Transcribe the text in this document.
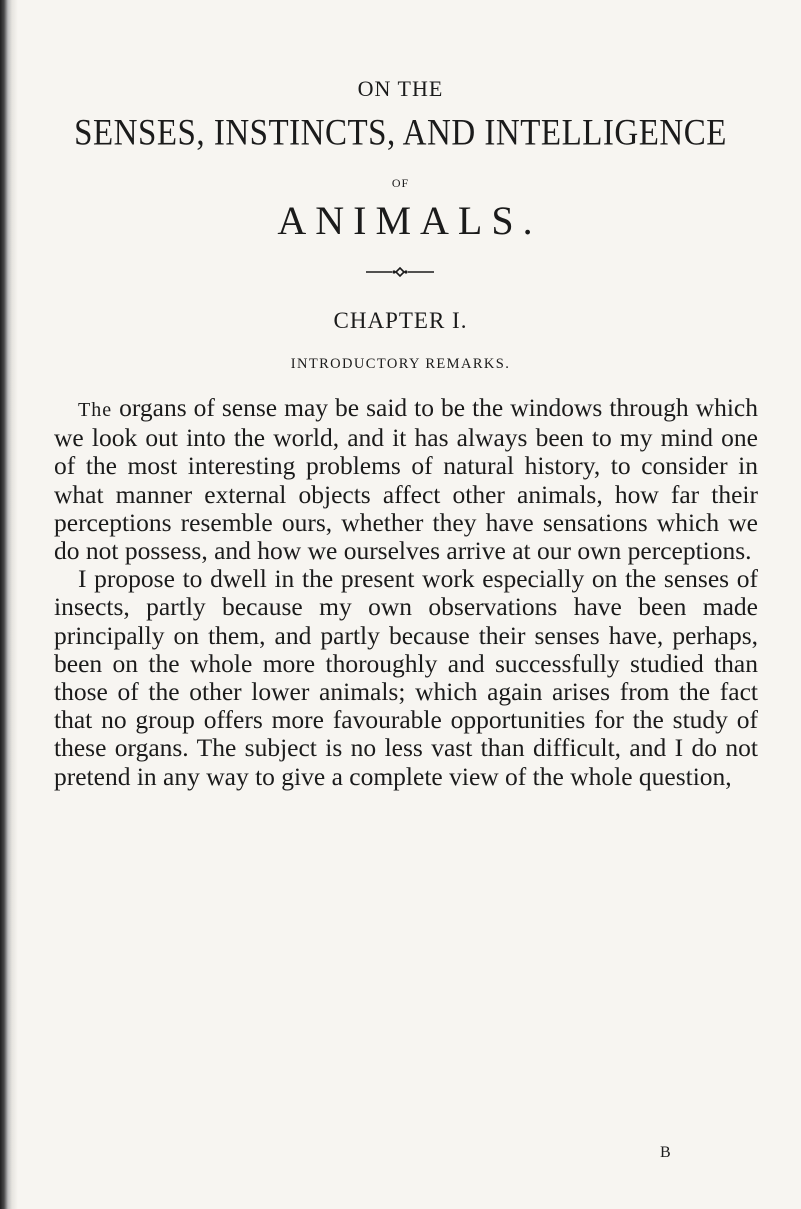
ON THE
SENSES, INSTINCTS, AND INTELLIGENCE
OF
ANIMALS.
CHAPTER I.
INTRODUCTORY REMARKS.

The organs of sense may be said to be the windows through which we look out into the world, and it has always been to my mind one of the most interesting problems of natural history, to consider in what manner external objects affect other animals, how far their perceptions resemble ours, whether they have sensations which we do not possess, and how we ourselves arrive at our own perceptions.

I propose to dwell in the present work especially on the senses of insects, partly because my own observations have been made principally on them, and partly because their senses have, perhaps, been on the whole more thoroughly and successfully studied than those of the other lower animals; which again arises from the fact that no group offers more favourable opportunities for the study of these organs. The subject is no less vast than difficult, and I do not pretend in any way to give a complete view of the whole question,

B
